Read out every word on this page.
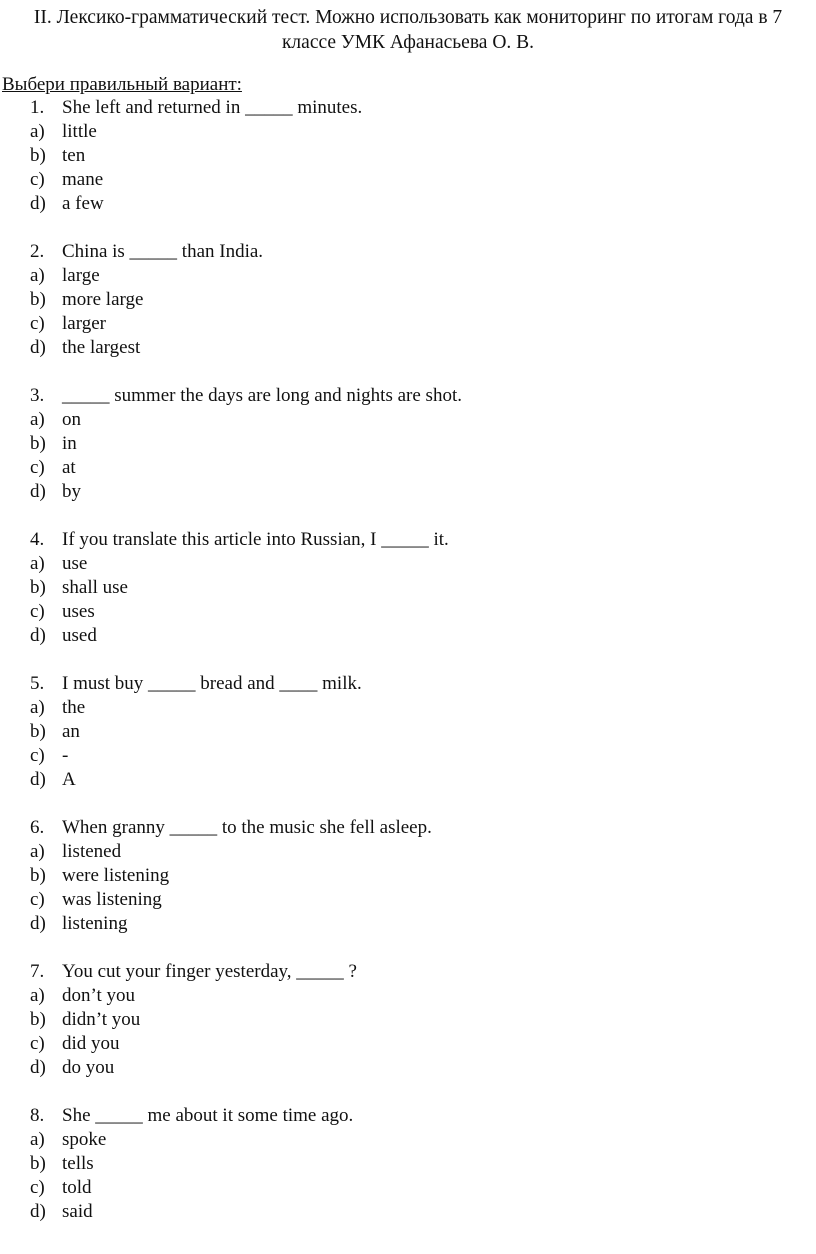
II. Лексико-грамматический тест. Можно использовать как мониторинг по итогам года в 7
классе УМК Афанасьева О. В.
Выбери правильный вариант:
1. She left and returned in _____ minutes.
a) little
b) ten
c) mane
d) a few
2. China is _____ than India.
a) large
b) more large
c) larger
d) the largest
3. _____ summer the days are long and nights are shot.
a) on
b) in
c) at
d) by
4. If you translate this article into Russian, I _____ it.
a) use
b) shall use
c) uses
d) used
5. I must buy _____ bread and ____ milk.
a) the
b) an
c) -
d) A
6. When granny _____ to the music she fell asleep.
a) listened
b) were listening
c) was listening
d) listening
7. You cut your finger yesterday, _____ ?
a) don’t you
b) didn’t you
c) did you
d) do you
8. She _____ me about it some time ago.
a) spoke
b) tells
c) told
d) said
